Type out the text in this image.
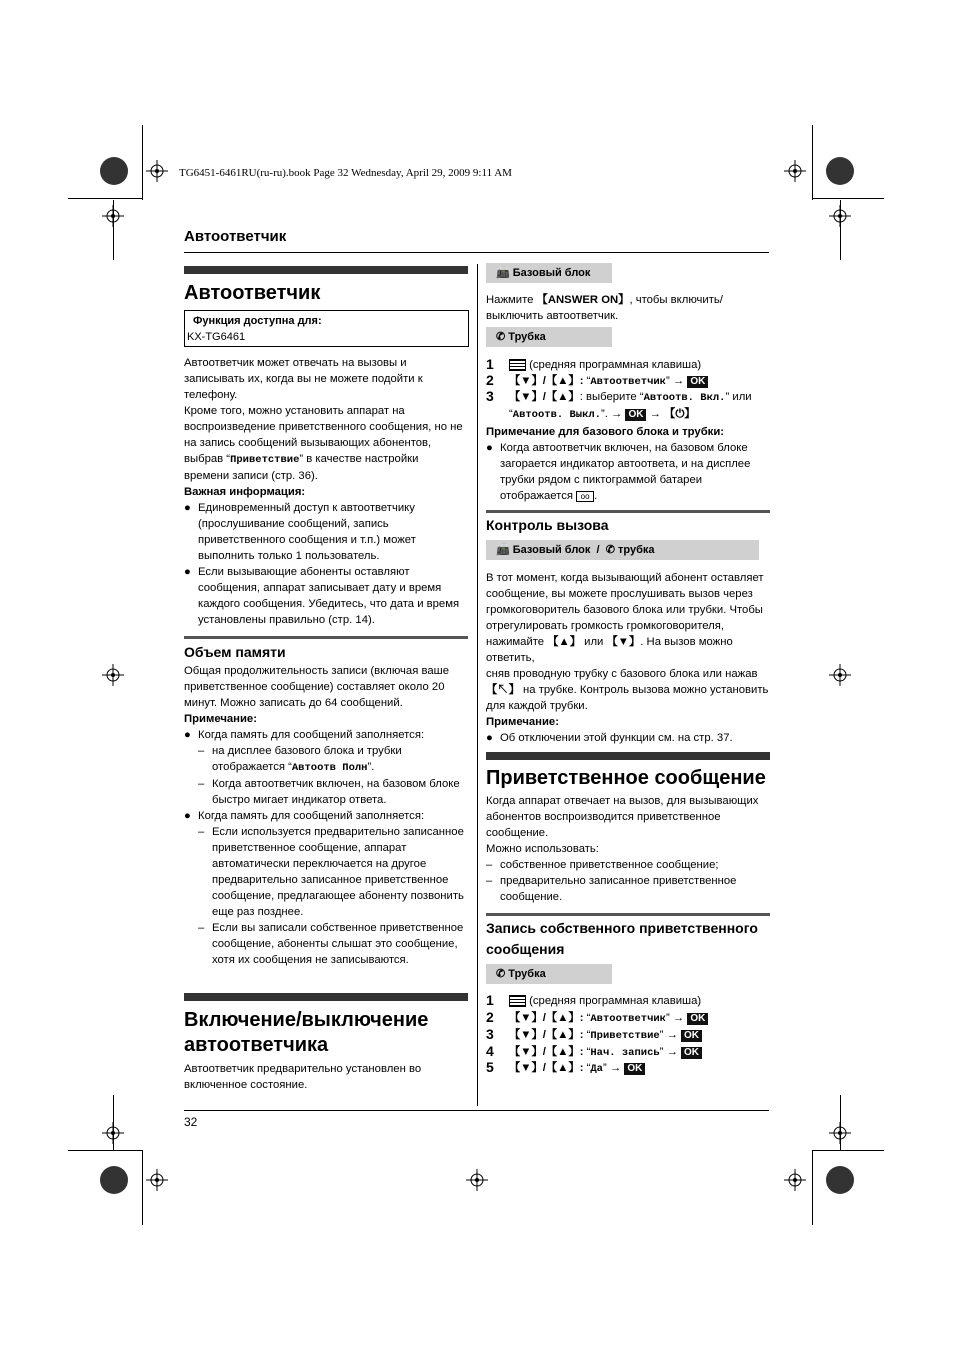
TG6451-6461RU(ru-ru).book Page 32 Wednesday, April 29, 2009 9:11 AM
Автоответчик
Автоответчик
Функция доступна для:
KX-TG6461
Автоответчик может отвечать на вызовы и
записывать их, когда вы не можете подойти к
телефону.
Кроме того, можно установить аппарат на
воспроизведение приветственного сообщения, но не
на запись сообщений вызывающих абонентов,
выбрав “Приветствие” в качестве настройки
времени записи (стр. 36).
Важная информация:
● Единовременный доступ к автоответчику
(прослушивание сообщений, запись
приветственного сообщения и т.п.) может
выполнить только 1 пользователь.
● Если вызывающие абоненты оставляют
сообщения, аппарат записывает дату и время
каждого сообщения. Убедитесь, что дата и время
установлены правильно (стр. 14).
Объем памяти
Общая продолжительность записи (включая ваше
приветственное сообщение) составляет около 20
минут. Можно записать до 64 сообщений.
Примечание:
● Когда память для сообщений заполняется:
– на дисплее базового блока и трубки
отображается “Автоотв Полн”.
– Когда автоответчик включен, на базовом блоке
быстро мигает индикатор ответа.
● Когда память для сообщений заполняется:
– Если используется предварительно записанное
приветственное сообщение, аппарат
автоматически переключается на другое
предварительно записанное приветственное
сообщение, предлагающее абоненту позвонить
еще раз позднее.
– Если вы записали собственное приветственное
сообщение, абоненты слышат это сообщение,
хотя их сообщения не записываются.
Включение/выключение
автоответчика
Автоответчик предварительно установлен во
включенное состояние.
📠 Базовый блок
Нажмите 【ANSWER ON】, чтобы включить/
выключить автоответчик.
✆ Трубка
1	(средняя программная клавиша)
2 【▼】/【▲】: “Автоответчик” → OK
3 【▼】/【▲】: выберите “Автоотв. Вкл.” или
“Автоотв. Выкл.”. → OK → 【⏻】
Примечание для базового блока и трубки:
● Когда автоответчик включен, на базовом блоке
загорается индикатор автоответа, и на дисплее
трубки рядом с пиктограммой батареи
отображается oo .
Контроль вызова
📠 Базовый блок / ✆ трубка
В тот момент, когда вызывающий абонент оставляет
сообщение, вы можете прослушивать вызов через
громкоговоритель базового блока или трубки. Чтобы
отрегулировать громкость громкоговорителя,
нажимайте 【▲】 или 【▼】. На вызов можно ответить,
сняв проводную трубку с базового блока или нажав
【↖】 на трубке. Контроль вызова можно установить
для каждой трубки.
Примечание:
● Об отключении этой функции см. на стр. 37.
Приветственное сообщение
Когда аппарат отвечает на вызов, для вызывающих
абонентов воспроизводится приветственное
сообщение.
Можно использовать:
– собственное приветственное сообщение;
– предварительно записанное приветственное
сообщение.
Запись собственного приветственного
сообщения
✆ Трубка
1	(средняя программная клавиша)
2 【▼】/【▲】: “Автоответчик” → OK
3 【▼】/【▲】: “Приветствие” → OK
4 【▼】/【▲】: “Нач. запись” → OK
5 【▼】/【▲】: “Да” → OK
32
